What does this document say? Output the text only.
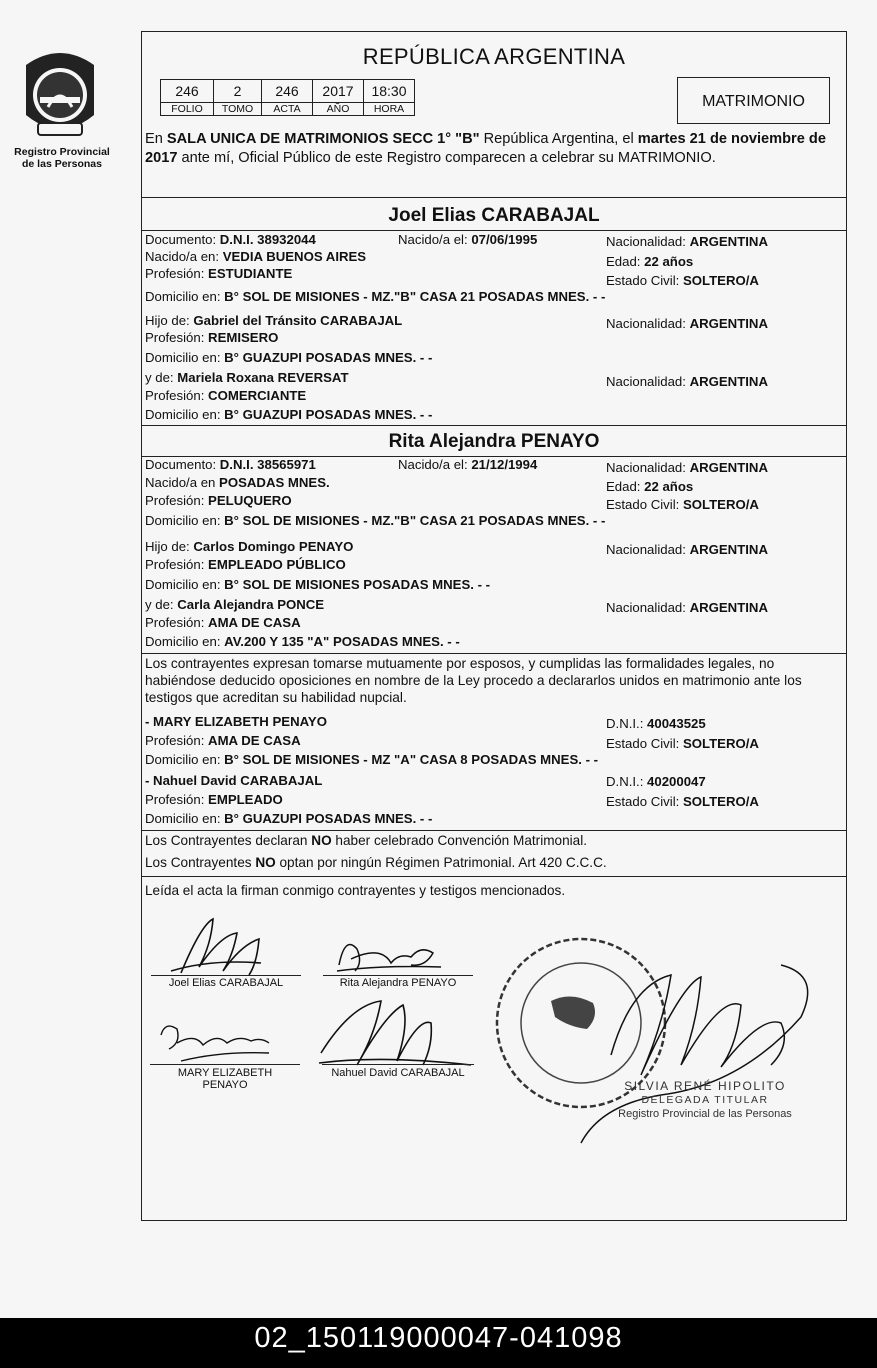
Registro Provincial
de las Personas
REPÚBLICA ARGENTINA
246	2	246	2017	18:30
FOLIO	TOMO	ACTA	AÑO	HORA	MATRIMONIO
En SALA UNICA DE MATRIMONIOS SECC 1° "B" República Argentina, el martes 21 de noviembre de 2017 ante mí, Oficial Público de este Registro comparecen a celebrar su MATRIMONIO.
Joel Elias CARABAJAL
Documento: D.N.I. 38932044	Nacido/a el: 07/06/1995	Nacionalidad: ARGENTINA
Nacido/a en: VEDIA BUENOS AIRES	Edad: 22 años
Profesión: ESTUDIANTE	Estado Civil: SOLTERO/A
Domicilio en: B° SOL DE MISIONES - MZ."B" CASA 21 POSADAS MNES. - -
Hijo de: Gabriel del Tránsito CARABAJAL	Nacionalidad: ARGENTINA
Profesión: REMISERO
Domicilio en: B° GUAZUPI POSADAS MNES. - -
y de: Mariela Roxana REVERSAT	Nacionalidad: ARGENTINA
Profesión: COMERCIANTE
Domicilio en: B° GUAZUPI POSADAS MNES. - -
Rita Alejandra PENAYO
Documento: D.N.I. 38565971	Nacido/a el: 21/12/1994	Nacionalidad: ARGENTINA
Nacido/a en POSADAS MNES.	Edad: 22 años
Profesión: PELUQUERO	Estado Civil: SOLTERO/A
Domicilio en: B° SOL DE MISIONES - MZ."B" CASA 21 POSADAS MNES. - -
Hijo de: Carlos Domingo PENAYO	Nacionalidad: ARGENTINA
Profesión: EMPLEADO PÚBLICO
Domicilio en: B° SOL DE MISIONES POSADAS MNES. - -
y de: Carla Alejandra PONCE	Nacionalidad: ARGENTINA
Profesión: AMA DE CASA
Domicilio en: AV.200 Y 135 "A" POSADAS MNES. - -
Los contrayentes expresan tomarse mutuamente por esposos, y cumplidas las formalidades legales, no habiéndose deducido oposiciones en nombre de la Ley procedo a declararlos unidos en matrimonio ante los testigos que acreditan su habilidad nupcial.
- MARY ELIZABETH PENAYO	D.N.I.: 40043525
Profesión: AMA DE CASA	Estado Civil: SOLTERO/A
Domicilio en: B° SOL DE MISIONES - MZ "A" CASA 8 POSADAS MNES. - -
- Nahuel David CARABAJAL	D.N.I.: 40200047
Profesión: EMPLEADO	Estado Civil: SOLTERO/A
Domicilio en: B° GUAZUPI POSADAS MNES. - -
Los Contrayentes declaran NO haber celebrado Convención Matrimonial.
Los Contrayentes NO optan por ningún Régimen Patrimonial. Art 420 C.C.C.
Leída el acta la firman conmigo contrayentes y testigos mencionados.
Joel Elias CARABAJAL	Rita Alejandra PENAYO
MARY ELIZABETH
PENAYO
Nahuel David CARABAJAL
SILVIA RENÉ HIPOLITO
DELEGADA TITULAR
Registro Provincial de las Personas
02_150119000047-041098
